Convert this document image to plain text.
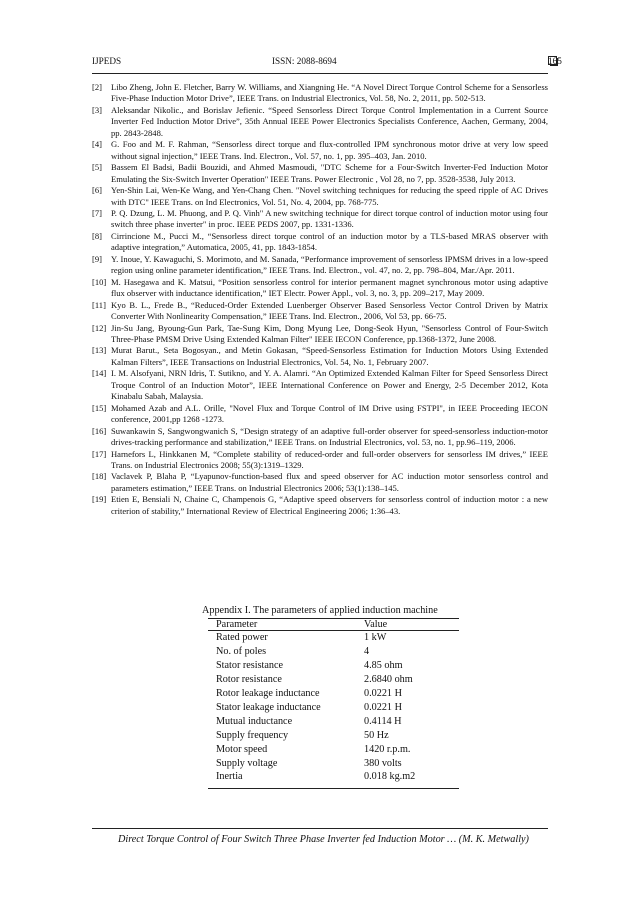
IJPEDS	ISSN: 2088-8694	165
[2] Libo Zheng, John E. Fletcher, Barry W. Williams, and Xiangning He. “A Novel Direct Torque Control Scheme for a Sensorless Five-Phase Induction Motor Drive”, IEEE Trans. on Industrial Electronics, Vol. 58, No. 2, 2011, pp. 502-513.
[3] Aleksandar Nikolic., and Borislav Jefienic. “Speed Sensorless Direct Torque Control Implementation in a Current Source Inverter Fed Induction Motor Drive”, 35th Annual IEEE Power Electronics Specialists Conference, Aachen, Germany, 2004, pp. 2843-2848.
[4] G. Foo and M. F. Rahman, “Sensorless direct torque and flux-controlled IPM synchronous motor drive at very low speed without signal injection,” IEEE Trans. Ind. Electron., Vol. 57, no. 1, pp. 395–403, Jan. 2010.
[5] Bassem El Badsi, Badii Bouzidi, and Ahmed Masmoudi, "DTC Scheme for a Four-Switch Inverter-Fed Induction Motor Emulating the Six-Switch Inverter Operation" IEEE Trans. Power Electronic , Vol 28, no 7, pp. 3528-3538, July 2013.
[6] Yen-Shin Lai, Wen-Ke Wang, and Yen-Chang Chen. "Novel switching techniques for reducing the speed ripple of AC Drives with DTC" IEEE Trans. on Ind Electronics, Vol. 51, No. 4, 2004, pp. 768-775.
[7] P. Q. Dzung, L. M. Phuong, and P. Q. Vinh" A new switching technique for direct torque control of induction motor using four switch three phase inverter" in proc. IEEE PEDS 2007, pp. 1331-1336.
[8] Cirrincione M., Pucci M., “Sensorless direct torque control of an induction motor by a TLS-based MRAS observer with adaptive integration,” Automatica, 2005, 41, pp. 1843-1854.
[9] Y. Inoue, Y. Kawaguchi, S. Morimoto, and M. Sanada, “Performance improvement of sensorless IPMSM drives in a low-speed region using online parameter identification,” IEEE Trans. Ind. Electron., vol. 47, no. 2, pp. 798–804, Mar./Apr. 2011.
[10] M. Hasegawa and K. Matsui, “Position sensorless control for interior permanent magnet synchronous motor using adaptive flux observer with inductance identification,” IET Electr. Power Appl., vol. 3, no. 3, pp. 209–217, May 2009.
[11] Kyo B. L., Frede B., “Reduced-Order Extended Luenberger Observer Based Sensorless Vector Control Driven by Matrix Converter With Nonlinearity Compensation,” IEEE Trans. Ind. Electron., 2006, Vol 53, pp. 66-75.
[12] Jin-Su Jang, Byoung-Gun Park, Tae-Sung Kim, Dong Myung Lee, Dong-Seok Hyun, "Sensorless Control of Four-Switch Three-Phase PMSM Drive Using Extended Kalman Filter" IEEE IECON Conference, pp.1368-1372, June 2008.
[13] Murat Barut., Seta Bogosyan., and Metin Gokasan, “Speed-Sensorless Estimation for Induction Motors Using Extended Kalman Filters”, IEEE Transactions on Industrial Electronics, Vol. 54, No. 1, February 2007.
[14] I. M. Alsofyani, NRN Idris, T. Sutikno, and Y. A. Alamri. “An Optimized Extended Kalman Filter for Speed Sensorless Direct Troque Control of an Induction Motor”, IEEE International Conference on Power and Energy, 2-5 December 2012, Kota Kinabalu Sabah, Malaysia.
[15] Mohamed Azab and A.L. Orille, "Novel Flux and Torque Control of IM Drive using FSTPI", in IEEE Proceeding IECON conference, 2001,pp 1268 -1273.
[16] Suwankawin S, Sangwongwanich S, “Design strategy of an adaptive full-order observer for speed-sensorless induction-motor drives-tracking performance and stabilization,” IEEE Trans. on Industrial Electronics, vol. 53, no. 1, pp.96–119, 2006.
[17] Harnefors L, Hinkkanen M, “Complete stability of reduced-order and full-order observers for sensorless IM drives,” IEEE Trans. on Industrial Electronics 2008; 55(3):1319–1329.
[18] Vaclavek P, Blaha P, “Lyapunov-function-based flux and speed observer for AC induction motor sensorless control and parameters estimation,” IEEE Trans. on Industrial Electronics 2006; 53(1):138–145.
[19] Etien E, Bensiali N, Chaine C, Champenois G, “Adaptive speed observers for sensorless control of induction motor : a new criterion of stability,” International Review of Electrical Engineering 2006; 1:36–43.
Appendix I. The parameters of applied induction machine
Parameter	Value
Rated power	1 kW
No. of poles	4
Stator resistance	4.85 ohm
Rotor resistance	2.6840 ohm
Rotor leakage inductance	0.0221 H
Stator leakage inductance	0.0221 H
Mutual inductance	0.4114 H
Supply frequency	50 Hz
Motor speed	1420 r.p.m.
Supply voltage	380 volts
Inertia	0.018 kg.m2
Direct Torque Control of Four Switch Three Phase Inverter fed Induction Motor … (M. K. Metwally)
